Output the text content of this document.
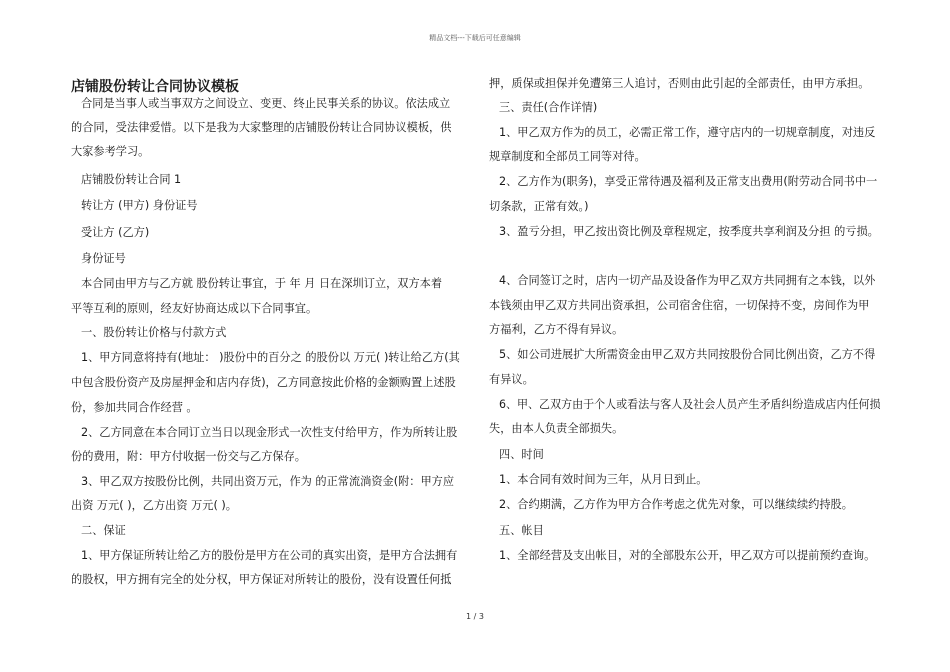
精品文档---下载后可任意编辑
店铺股份转让合同协议模板
合同是当事人或当事双方之间设立、变更、终止民事关系的协议。依法成立
的合同，受法律爱惜。以下是我为大家整理的店铺股份转让合同协议模板，供
大家参考学习。
店铺股份转让合同 1
转让方 (甲方) 身份证号
受让方 (乙方)
身份证号
本合同由甲方与乙方就 股份转让事宜，于 年 月 日在深圳订立，双方本着
平等互利的原则，经友好协商达成以下合同事宜。
一、股份转让价格与付款方式
1、甲方同意将持有(地址： )股份中的百分之 的股份以 万元( )转让给乙方(其
中包含股份资产及房屋押金和店内存货)，乙方同意按此价格的金额购置上述股
份，参加共同合作经营 。
2、乙方同意在本合同订立当日以现金形式一次性支付给甲方，作为所转让股
份的费用，附：甲方付收据一份交与乙方保存。
3、甲乙双方按股份比例，共同出资万元，作为 的正常流淌资金(附：甲方应
出资 万元( )，乙方出资 万元( )。
二、保证
1、甲方保证所转让给乙方的股份是甲方在公司的真实出资，是甲方合法拥有
的股权，甲方拥有完全的处分权，甲方保证对所转让的股份，没有设置任何抵
押，质保或担保并免遭第三人追讨，否则由此引起的全部责任，由甲方承担。
三、责任(合作详情)
1、甲乙双方作为的员工，必需正常工作，遵守店内的一切规章制度，对违反
规章制度和全部员工同等对待。
2、乙方作为(职务)，享受正常待遇及福利及正常支出费用(附劳动合同书中一
切条款，正常有效。)
3、盈亏分担，甲乙按出资比例及章程规定，按季度共享利润及分担 的亏损。
4、合同签订之时，店内一切产品及设备作为甲乙双方共同拥有之本钱，以外
本钱须由甲乙双方共同出资承担，公司宿舍住宿，一切保持不变，房间作为甲
方福利，乙方不得有异议。
5、如公司进展扩大所需资金由甲乙双方共同按股份合同比例出资，乙方不得
有异议。
6、甲、乙双方由于个人或看法与客人及社会人员产生矛盾纠纷造成店内任何损
失，由本人负责全部损失。
四、时间
1、本合同有效时间为三年，从月日到止。
2、合约期满，乙方作为甲方合作考虑之优先对象，可以继续续约持股。
五、帐目
1、全部经营及支出帐目，对的全部股东公开，甲乙双方可以提前预约查询。
1 / 3
